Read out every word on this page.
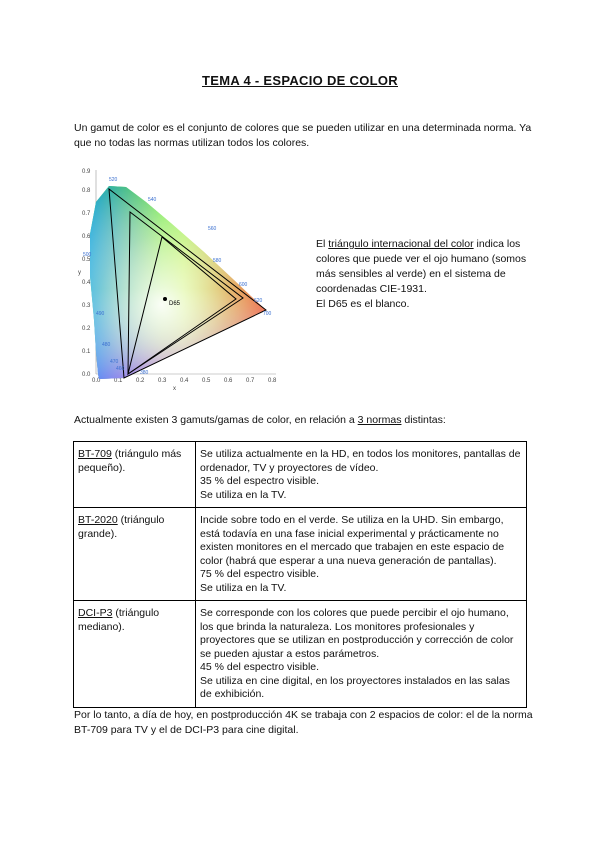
TEMA 4 - ESPACIO DE COLOR
Un gamut de color es el conjunto de colores que se pueden utilizar en una determinada norma. Ya que no todas las normas utilizan todos los colores.
0.0
0.1
0.2
0.3
0.4
0.5
0.6
0.7
0.8
0.9
y
0.0 0.1 0.2 0.3 0.4 0.5 0.6 0.7 0.8
x
D65
520
540
560
580
600
620
700
500
490
480
470
460
380
El triángulo internacional del color indica los colores que puede ver el ojo humano (somos más sensibles al verde) en el sistema de coordenadas CIE-1931.
El D65 es el blanco.
Actualmente existen 3 gamuts/gamas de color, en relación a 3 normas distintas:
BT-709 (triángulo más pequeño).	Se utiliza actualmente en la HD, en todos los monitores, pantallas de ordenador, TV y proyectores de vídeo.
35 % del espectro visible.
Se utiliza en la TV.

BT-2020 (triángulo grande).	Incide sobre todo en el verde. Se utiliza en la UHD. Sin embargo, está todavía en una fase inicial experimental y prácticamente no existen monitores en el mercado que trabajen en este espacio de color (habrá que esperar a una nueva generación de pantallas).
75 % del espectro visible.
Se utiliza en la TV.

DCI-P3 (triángulo mediano).	Se corresponde con los colores que puede percibir el ojo humano, los que brinda la naturaleza. Los monitores profesionales y proyectores que se utilizan en postproducción y corrección de color se pueden ajustar a estos parámetros.
45 % del espectro visible.
Se utiliza en cine digital, en los proyectores instalados en las salas de exhibición.
Por lo tanto, a día de hoy, en postproducción 4K se trabaja con 2 espacios de color: el de la norma BT-709 para TV y el de DCI-P3 para cine digital.
